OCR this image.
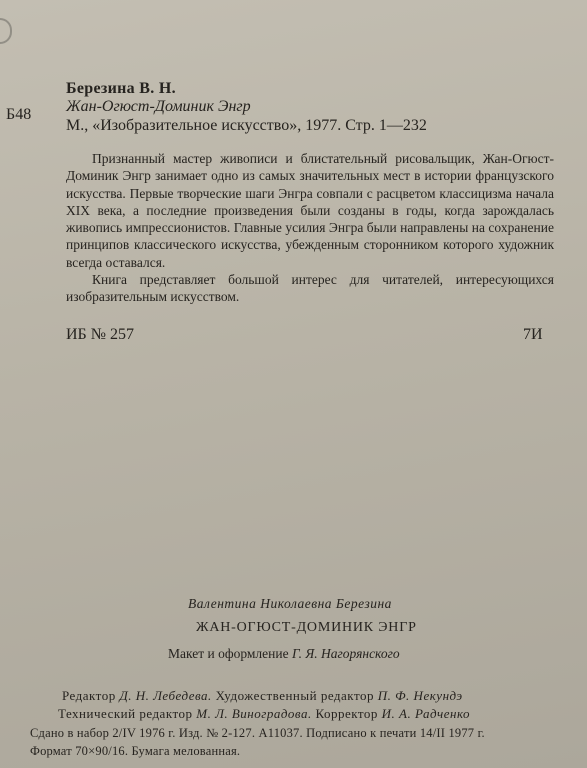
Б48
Березина В. Н.
Жан-Огюст-Доминик Энгр
М., «Изобразительное искусство», 1977. Стр. 1—232

Признанный мастер живописи и блистательный рисовальщик, Жан-Огюст-Доминик Энгр занимает одно из самых значительных мест в истории французского искусства. Первые творческие шаги Энгра совпали с расцветом классицизма начала XIX века, а последние произведения были созданы в годы, когда зарождалась живопись импрессионистов. Главные усилия Энгра были направлены на сохранение принципов классического искусства, убежденным сторонником которого художник всегда оставался.

Книга представляет большой интерес для читателей, интересующихся изобразительным искусством.

ИБ № 257	7И
Валентина Николаевна Березина
ЖАН-ОГЮСТ-ДОМИНИК ЭНГР
Макет и оформление Г. Я. Нагорянского
Редактор Д. Н. Лебедева. Художественный редактор П. Ф. Некундэ
Технический редактор М. Л. Виноградова. Корректор И. А. Радченко
Сдано в набор 2/IV 1976 г. Изд. № 2-127. А11037. Подписано к печати 14/II 1977 г.
Формат 70×90/16. Бумага мелованная.
